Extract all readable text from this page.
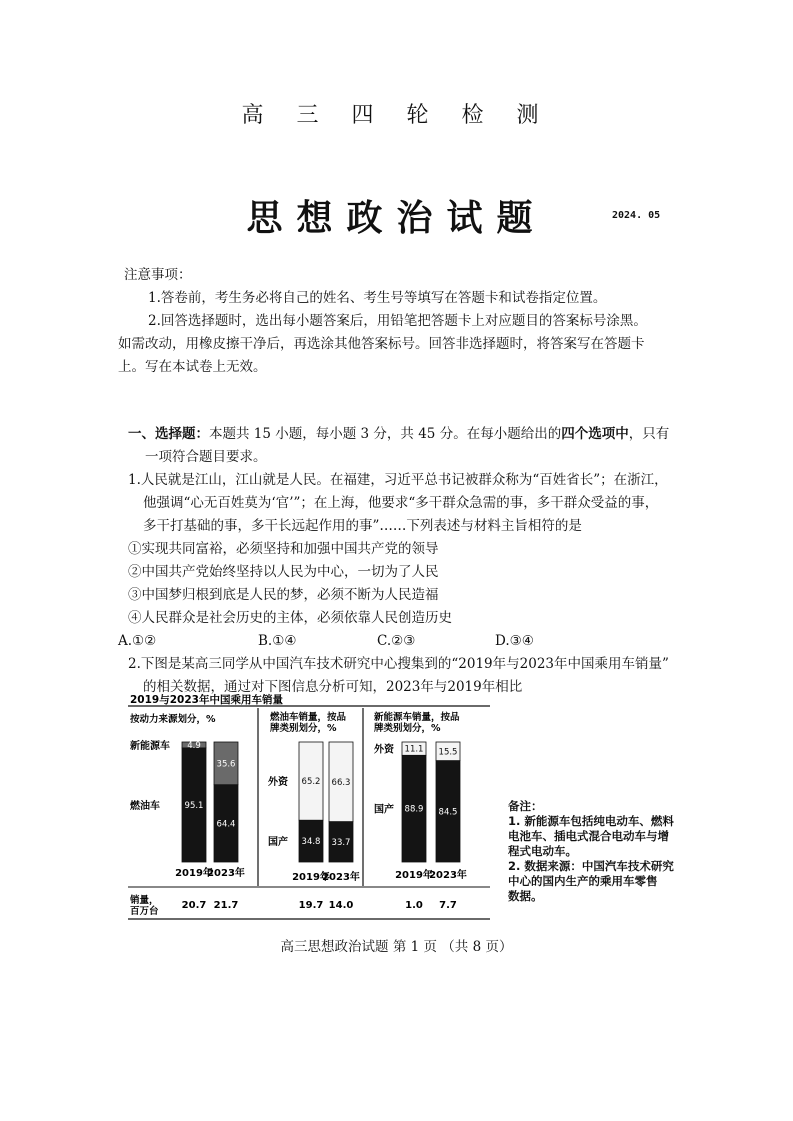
高 三 四 轮 检 测
思想政治试题	2024. 05
注意事项：
1.答卷前，考生务必将自己的姓名、考生号等填写在答题卡和试卷指定位置。
2.回答选择题时，选出每小题答案后，用铅笔把答题卡上对应题目的答案标号涂黑。
如需改动，用橡皮擦干净后，再选涂其他答案标号。回答非选择题时，将答案写在答题卡
上。写在本试卷上无效。
一、选择题：本题共 15 小题，每小题 3 分，共 45 分。在每小题给出的四个选项中，只有
一项符合题目要求。
1.人民就是江山，江山就是人民。在福建，习近平总书记被群众称为“百姓省长”；在浙江，
他强调“心无百姓莫为‘官’”；在上海，他要求“多干群众急需的事，多干群众受益的事，
多干打基础的事，多干长远起作用的事”……下列表述与材料主旨相符的是
①实现共同富裕，必须坚持和加强中国共产党的领导
②中国共产党始终坚持以人民为中心，一切为了人民
③中国梦归根到底是人民的梦，必须不断为人民造福
④人民群众是社会历史的主体，必须依靠人民创造历史
A.①②	B.①④	C.②③	D.③④
2.下图是某高三同学从中国汽车技术研究中心搜集到的“2019年与2023年中国乘用车销量”
的相关数据，通过对下图信息分析可知，2023年与2019年相比
2019与2023年中国乘用车销量
按动力来源划分，%	燃油车销量，按品
牌类别划分，%
新能源车销量，按品
牌类别划分，%
销量，
百万台
95.1
4.9
2019年
20.7
64.4
35.6
2023年
21.7
燃油车
新能源车
34.8
65.2
2019年
19.7
33.7
66.3
2023年
14.0
国产
外资
88.9
11.1
2019年
1.0
84.5
15.5
2023年
7.7
国产
外资
备注：
1. 新能源车包括纯电动车、燃料
电池车、插电式混合电动车与增
程式电动车。
2. 数据来源：中国汽车技术研究
中心的国内生产的乘用车零售
数据。
高三思想政治试题 第 1 页 （共 8 页）
